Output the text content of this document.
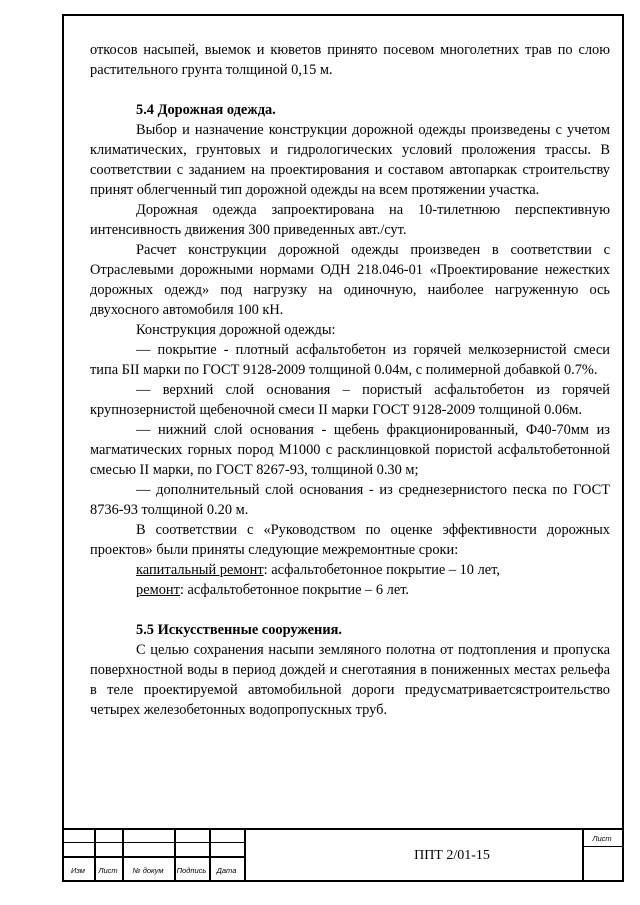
откосов насыпей, выемок и кюветов принято посевом многолетних трав по слою растительного грунта толщиной 0,15 м.

5.4 Дорожная одежда.

Выбор и назначение конструкции дорожной одежды произведены с учетом климатических, грунтовых и гидрологических условий проложения трассы. В соответствии с заданием на проектирования и составом автопаркак строительству принят облегченный тип дорожной одежды на всем протяжении участка.

Дорожная одежда запроектирована на 10-тилетнюю перспективную интенсивность движения 300 приведенных авт./сут.

Расчет конструкции дорожной одежды произведен в соответствии с Отраслевыми дорожными нормами ОДН 218.046-01 «Проектирование нежестких дорожных одежд» под нагрузку на одиночную, наиболее нагруженную ось двухосного автомобиля 100 кН.

Конструкция дорожной одежды:

— покрытие - плотный асфальтобетон из горячей мелкозернистой смеси типа БII марки по ГОСТ 9128-2009 толщиной 0.04м, с полимерной добавкой 0.7%.

— верхний слой основания – пористый асфальтобетон из горячей крупнозернистой щебеночной смеси II марки ГОСТ 9128-2009 толщиной 0.06м.

— нижний слой основания - щебень фракционированный, Ф40-70мм из магматических горных пород М1000 с расклинцовкой пористой асфальтобетонной смесью II марки, по ГОСТ 8267-93, толщиной 0.30 м;

— дополнительный слой основания - из среднезернистого песка по ГОСТ 8736-93 толщиной 0.20 м.

В соответствии с «Руководством по оценке эффективности дорожных проектов» были приняты следующие межремонтные сроки:

капитальный ремонт: асфальтобетонное покрытие – 10 лет,

ремонт: асфальтобетонное покрытие – 6 лет.

5.5 Искусственные сооружения.

С целью сохранения насыпи земляного полотна от подтопления и пропуска поверхностной воды в период дождей и снеготаяния в пониженных местах рельефа в теле проектируемой автомобильной дороги предусматриваетсястроительство четырех железобетонных водопропускных труб.

Изм	Лист	№ докум	Подпись	Дата
Лист
ППТ 2/01-15
